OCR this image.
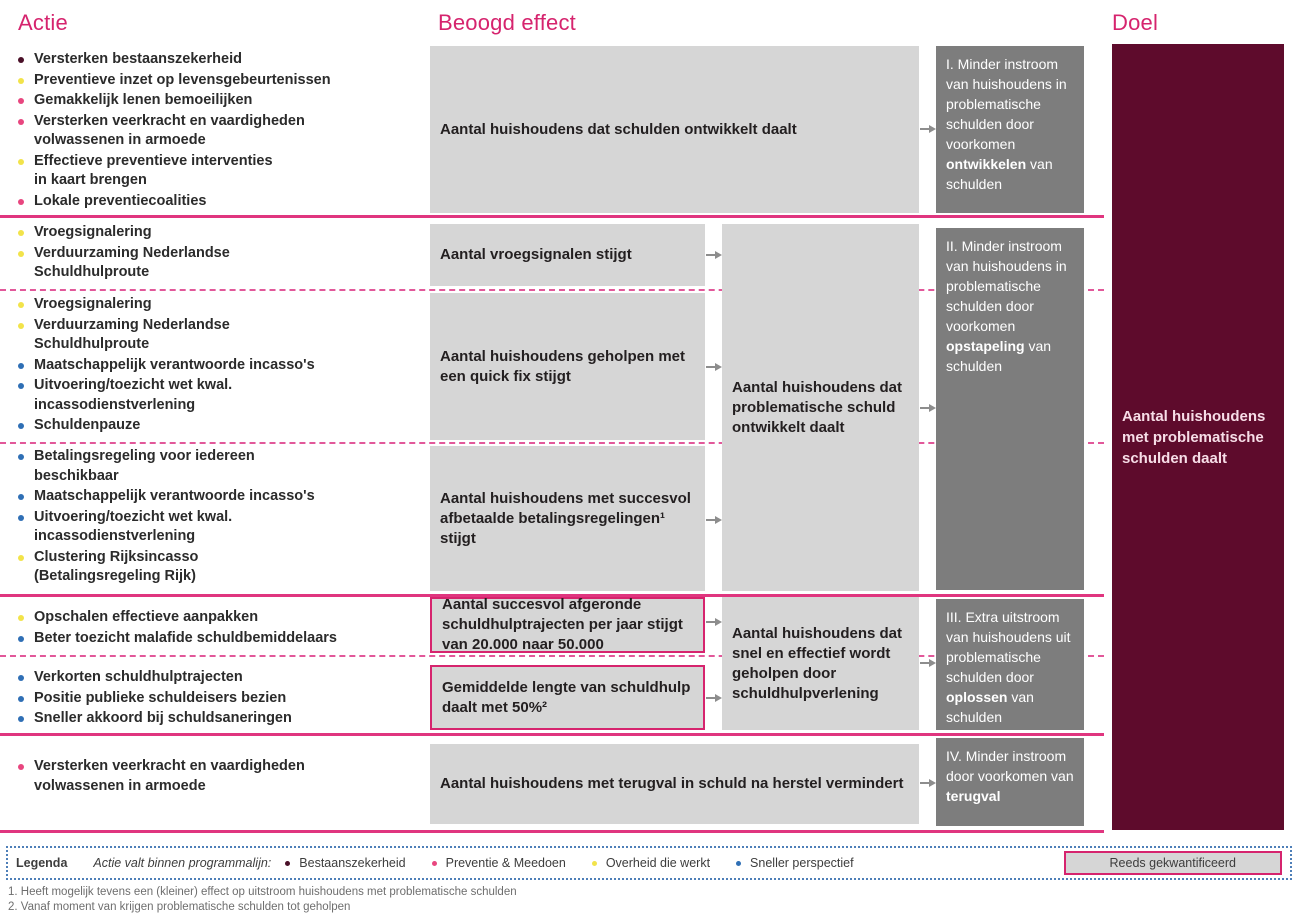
Actie	Beoogd effect	Doel
Versterken bestaanszekerheid
Preventieve inzet op levensgebeurtenissen
Gemakkelijk lenen bemoeilijken
Versterken veerkracht en vaardigheden
volwassenen in armoede
Effectieve preventieve interventies
in kaart brengen
Lokale preventiecoalities
Vroegsignalering
Verduurzaming Nederlandse
Schuldhulproute
Vroegsignalering
Verduurzaming Nederlandse
Schuldhulproute
Maatschappelijk verantwoorde incasso's
Uitvoering/toezicht wet kwal.
incassodienstverlening
Schuldenpauze
Betalingsregeling voor iedereen
beschikbaar
Maatschappelijk verantwoorde incasso's
Uitvoering/toezicht wet kwal.
incassodienstverlening
Clustering Rijksincasso
(Betalingsregeling Rijk)
Opschalen effectieve aanpakken
Beter toezicht malafide schuldbemiddelaars
Verkorten schuldhulptrajecten
Positie publieke schuldeisers bezien
Sneller akkoord bij schuldsaneringen
Versterken veerkracht en vaardigheden
volwassenen in armoede
Aantal huishoudens dat schulden ontwikkelt daalt
Aantal vroegsignalen stijgt
Aantal huishoudens geholpen met een quick fix stijgt
Aantal huishoudens met succesvol afbetaalde betalingsregelingen¹ stijgt
Aantal succesvol afgeronde schuldhulptrajecten per jaar stijgt van 20.000 naar 50.000
Gemiddelde lengte van schuldhulp daalt met 50%²
Aantal huishoudens met terugval in schuld na herstel vermindert
Aantal huishoudens dat problematische schuld ontwikkelt daalt
Aantal huishoudens dat snel en effectief wordt geholpen door schuldhulpverlening
I. Minder instroom van huishoudens in problematische schulden door voorkomen ontwikkelen van schulden
II. Minder instroom van huishoudens in problematische schulden door voorkomen opstapeling van schulden
III. Extra uitstroom van huishoudens uit problematische schulden door oplossen van schulden
IV. Minder instroom door voorkomen van terugval
Aantal huishoudens met problematische schulden daalt
Legenda Actie valt binnen programmalijn: Bestaanszekerheid	Preventie & Meedoen	Overheid die werkt	Sneller perspectief	Reeds gekwantificeerd
1. Heeft mogelijk tevens een (kleiner) effect op uitstroom huishoudens met problematische schulden
2. Vanaf moment van krijgen problematische schulden tot geholpen
